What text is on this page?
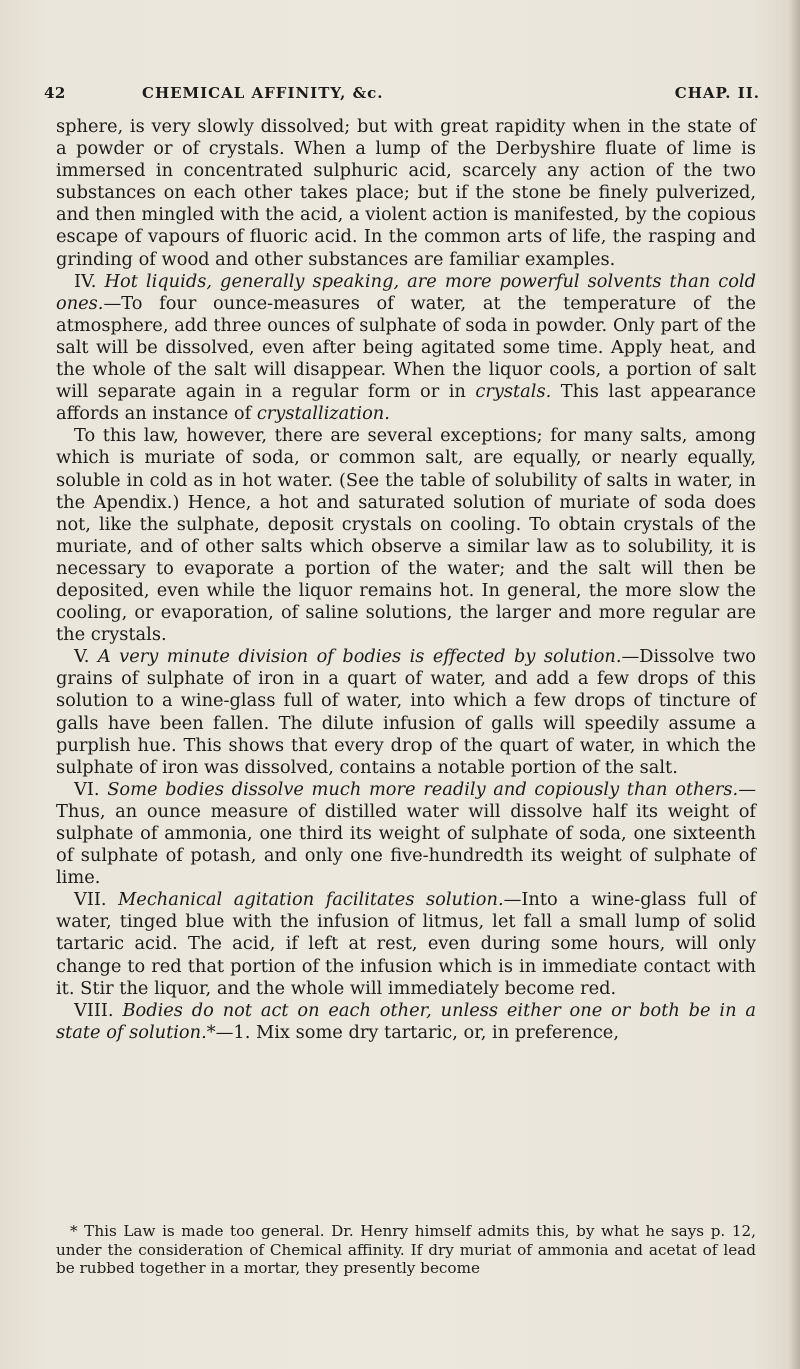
42	CHEMICAL AFFINITY, &c.	CHAP. II.

sphere, is very slowly dissolved; but with great rapidity when in the state of a powder or of crystals. When a lump of the Derbyshire fluate of lime is immersed in concentrated sulphuric acid, scarcely any action of the two substances on each other takes place; but if the stone be finely pulverized, and then mingled with the acid, a violent action is manifested, by the copious escape of vapours of fluoric acid. In the common arts of life, the rasping and grinding of wood and other substances are familiar examples.

IV. Hot liquids, generally speaking, are more powerful solvents than cold ones.—To four ounce-measures of water, at the temperature of the atmosphere, add three ounces of sulphate of soda in powder. Only part of the salt will be dissolved, even after being agitated some time. Apply heat, and the whole of the salt will disappear. When the liquor cools, a portion of salt will separate again in a regular form or in crystals. This last appearance affords an instance of crystallization.

To this law, however, there are several exceptions; for many salts, among which is muriate of soda, or common salt, are equally, or nearly equally, soluble in cold as in hot water. (See the table of solubility of salts in water, in the Apendix.) Hence, a hot and saturated solution of muriate of soda does not, like the sulphate, deposit crystals on cooling. To obtain crystals of the muriate, and of other salts which observe a similar law as to solubility, it is necessary to evaporate a portion of the water; and the salt will then be deposited, even while the liquor remains hot. In general, the more slow the cooling, or evaporation, of saline solutions, the larger and more regular are the crystals.

V. A very minute division of bodies is effected by solution.—Dissolve two grains of sulphate of iron in a quart of water, and add a few drops of this solution to a wine-glass full of water, into which a few drops of tincture of galls have been fallen. The dilute infusion of galls will speedily assume a purplish hue. This shows that every drop of the quart of water, in which the sulphate of iron was dissolved, contains a notable portion of the salt.

VI. Some bodies dissolve much more readily and copiously than others.—Thus, an ounce measure of distilled water will dissolve half its weight of sulphate of ammonia, one third its weight of sulphate of soda, one sixteenth of sulphate of potash, and only one five-hundredth its weight of sulphate of lime.

VII. Mechanical agitation facilitates solution.—Into a wine-glass full of water, tinged blue with the infusion of litmus, let fall a small lump of solid tartaric acid. The acid, if left at rest, even during some hours, will only change to red that portion of the infusion which is in immediate contact with it. Stir the liquor, and the whole will immediately become red.

VIII. Bodies do not act on each other, unless either one or both be in a state of solution.*—1. Mix some dry tartaric, or, in preference,

* This Law is made too general. Dr. Henry himself admits this, by what he says p. 12, under the consideration of Chemical affinity. If dry muriat of ammonia and acetat of lead be rubbed together in a mortar, they presently become
